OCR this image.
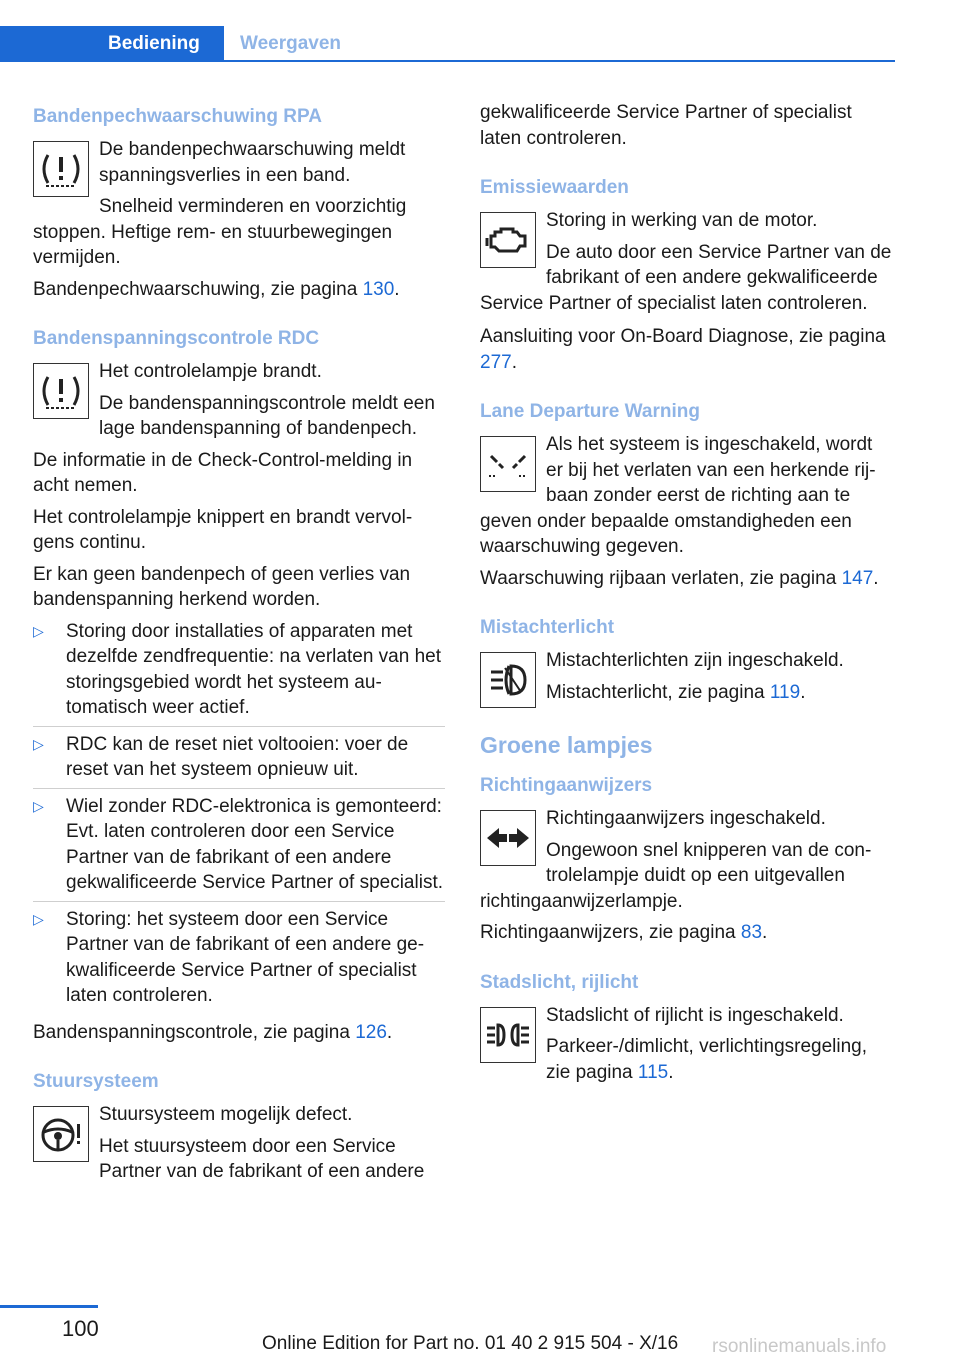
Bediening	Weergaven
Bandenpechwaarschuwing RPA

De bandenpechwaarschuwing meldt spanningsverlies in een band.

Snelheid verminderen en voorzichtig stoppen. Heftige rem- en stuurbewegingen vermijden.

Bandenpechwaarschuwing, zie pagina 130.

Bandenspanningscontrole RDC

Het controlelampje brandt.

De bandenspanningscontrole meldt een lage bandenspanning of bandenpech.

De informatie in de Check-Control-melding in acht nemen.

Het controlelampje knippert en brandt vervolgens continu.

Er kan geen bandenpech of geen verlies van bandenspanning herkend worden.

▷ Storing door installaties of apparaten met dezelfde zendfrequentie: na verlaten van het storingsgebied wordt het systeem automatisch weer actief.
▷ RDC kan de reset niet voltooien: voer de reset van het systeem opnieuw uit.
▷ Wiel zonder RDC-elektronica is gemonteerd: Evt. laten controleren door een Service Partner van de fabrikant of een andere gekwalificeerde Service Partner of specialist.
▷ Storing: het systeem door een Service Partner van de fabrikant of een andere gekwalificeerde Service Partner of specialist laten controleren.

Bandenspanningscontrole, zie pagina 126.

Stuursysteem

Stuursysteem mogelijk defect.

Het stuursysteem door een Service Partner van de fabrikant of een andere

gekwalificeerde Service Partner of specialist laten controleren.

Emissiewaarden

Storing in werking van de motor.

De auto door een Service Partner van de fabrikant of een andere gekwalificeerde Service Partner of specialist laten controleren.

Aansluiting voor On-Board Diagnose, zie pagina 277.

Lane Departure Warning

Als het systeem is ingeschakeld, wordt er bij het verlaten van een herkende rijbaan zonder eerst de richting aan te geven onder bepaalde omstandigheden een waarschuwing gegeven.

Waarschuwing rijbaan verlaten, zie pagina 147.

Mistachterlicht

Mistachterlichten zijn ingeschakeld.

Mistachterlicht, zie pagina 119.

Groene lampjes
Richtingaanwijzers

Richtingaanwijzers ingeschakeld.

Ongewoon snel knipperen van de controlelampje duidt op een uitgevallen richtingaanwijzerlampje.

Richtingaanwijzers, zie pagina 83.

Stadslicht, rijlicht

Stadslicht of rijlicht is ingeschakeld.

Parkeer-/dimlicht, verlichtingsregeling, zie pagina 115.

100
Online Edition for Part no. 01 40 2 915 504 - X/16 rsonlinemanuals.info
